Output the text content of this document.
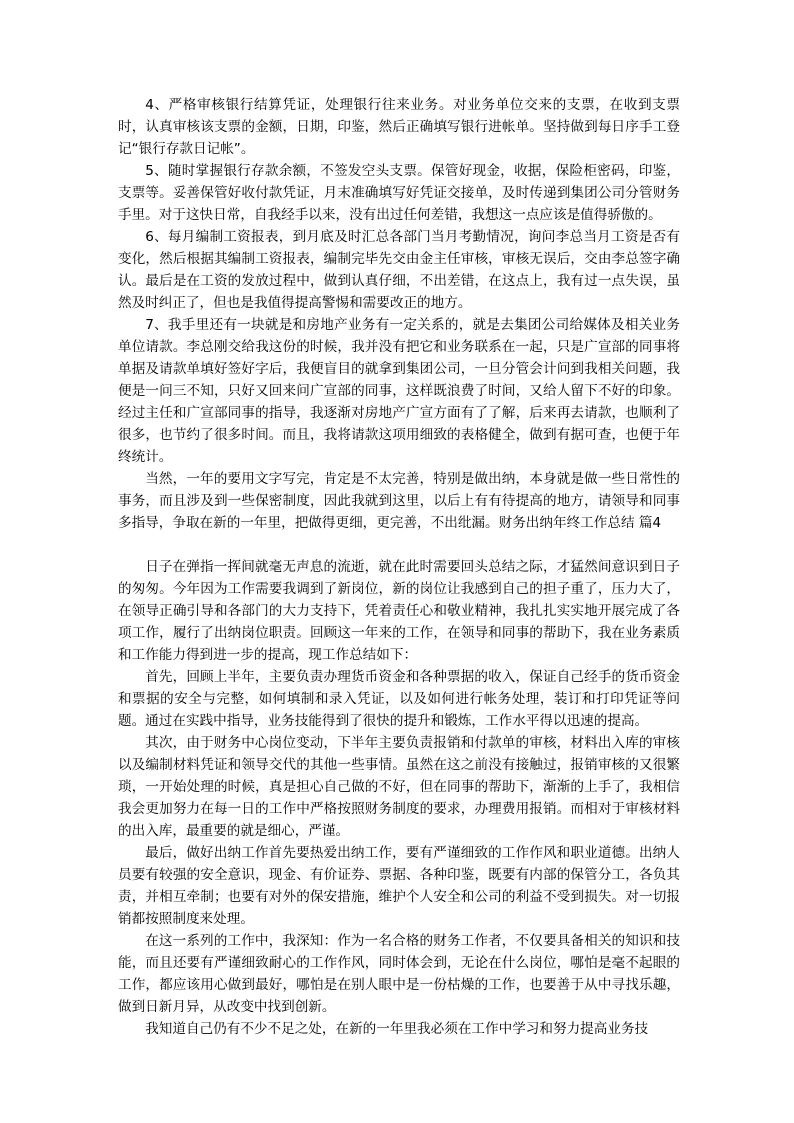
4、严格审核银行结算凭证，处理银行往来业务。对业务单位交来的支票，在收到支票时，认真审核该支票的金额，日期，印鉴，然后正确填写银行进帐单。坚持做到每日序手工登记“银行存款日记帐”。

5、随时掌握银行存款余额，不签发空头支票。保管好现金，收据，保险柜密码，印鉴，支票等。妥善保管好收付款凭证，月末准确填写好凭证交接单，及时传递到集团公司分管财务手里。对于这快日常，自我经手以来，没有出过任何差错，我想这一点应该是值得骄傲的。

6、每月编制工资报表，到月底及时汇总各部门当月考勤情况，询问李总当月工资是否有变化，然后根据其编制工资报表，编制完毕先交由金主任审核，审核无误后，交由李总签字确认。最后是在工资的发放过程中，做到认真仔细，不出差错，在这点上，我有过一点失误，虽然及时纠正了，但也是我值得提高警惕和需要改正的地方。

7、我手里还有一块就是和房地产业务有一定关系的，就是去集团公司给媒体及相关业务单位请款。李总刚交给我这份的时候，我并没有把它和业务联系在一起，只是广宣部的同事将单据及请款单填好签好字后，我便盲目的就拿到集团公司，一旦分管会计问到我相关问题，我便是一问三不知，只好又回来问广宣部的同事，这样既浪费了时间，又给人留下不好的印象。经过主任和广宣部同事的指导，我逐渐对房地产广宣方面有了了解，后来再去请款，也顺利了很多，也节约了很多时间。而且，我将请款这项用细致的表格健全，做到有据可查，也便于年终统计。

当然，一年的要用文字写完，肯定是不太完善，特别是做出纳，本身就是做一些日常性的事务，而且涉及到一些保密制度，因此我就到这里，以后上有有待提高的地方，请领导和同事多指导，争取在新的一年里，把做得更细，更完善，不出纰漏。财务出纳年终工作总结 篇4

日子在弹指一挥间就毫无声息的流逝，就在此时需要回头总结之际，才猛然间意识到日子的匆匆。今年因为工作需要我调到了新岗位，新的岗位让我感到自己的担子重了，压力大了，在领导正确引导和各部门的大力支持下，凭着责任心和敬业精神，我扎扎实实地开展完成了各项工作，履行了出纳岗位职责。回顾这一年来的工作，在领导和同事的帮助下，我在业务素质和工作能力得到进一步的提高，现工作总结如下：

首先，回顾上半年，主要负责办理货币资金和各种票据的收入，保证自己经手的货币资金和票据的安全与完整，如何填制和录入凭证，以及如何进行帐务处理，装订和打印凭证等问题。通过在实践中指导，业务技能得到了很快的提升和锻炼，工作水平得以迅速的提高。

其次，由于财务中心岗位变动，下半年主要负责报销和付款单的审核，材料出入库的审核以及编制材料凭证和领导交代的其他一些事情。虽然在这之前没有接触过，报销审核的又很繁琐，一开始处理的时候，真是担心自己做的不好，但在同事的帮助下，渐渐的上手了，我相信我会更加努力在每一日的工作中严格按照财务制度的要求，办理费用报销。而相对于审核材料的出入库，最重要的就是细心，严谨。

最后，做好出纳工作首先要热爱出纳工作，要有严谨细致的工作作风和职业道德。出纳人员要有较强的安全意识，现金、有价证券、票据、各种印鉴，既要有内部的保管分工，各负其责，并相互牵制；也要有对外的保安措施，维护个人安全和公司的利益不受到损失。对一切报销都按照制度来处理。

在这一系列的工作中，我深知：作为一名合格的财务工作者，不仅要具备相关的知识和技能，而且还要有严谨细致耐心的工作作风，同时体会到，无论在什么岗位，哪怕是毫不起眼的工作，都应该用心做到最好，哪怕是在别人眼中是一份枯燥的工作，也要善于从中寻找乐趣，做到日新月异，从改变中找到创新。

我知道自己仍有不少不足之处，在新的一年里我必须在工作中学习和努力提高业务技
